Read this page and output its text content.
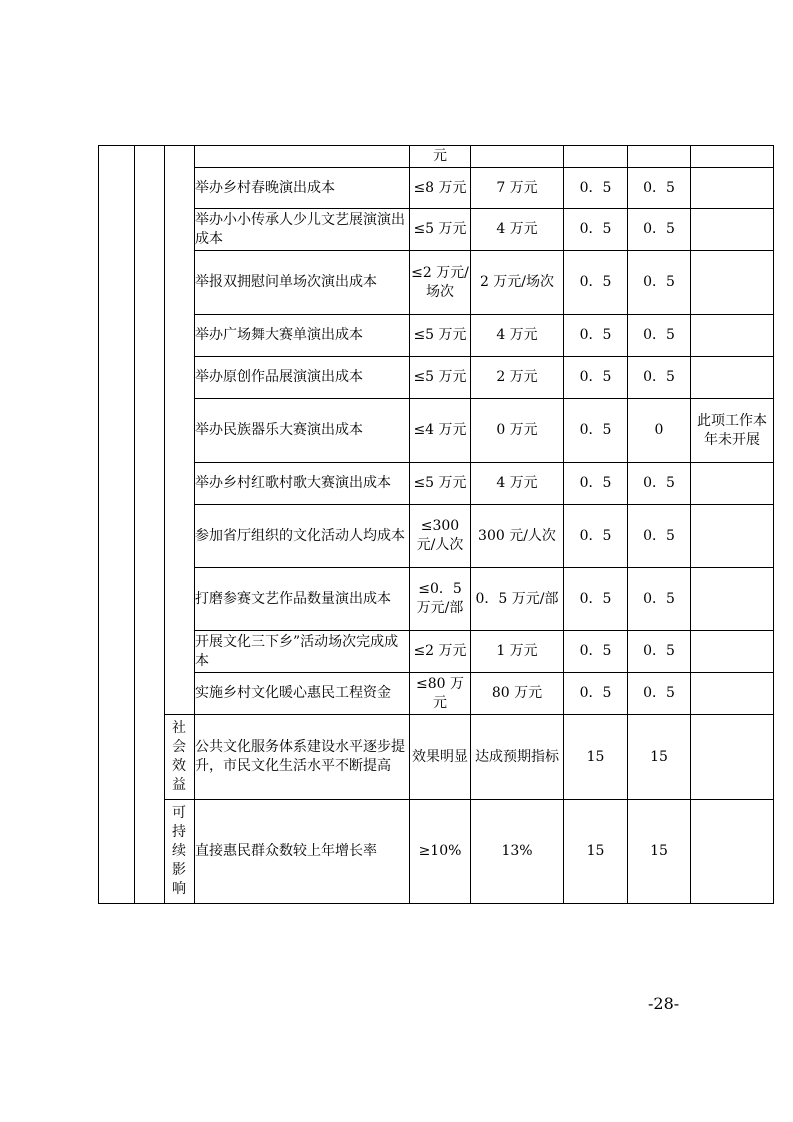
				元				
			举办乡村春晚演出成本	≤8 万元	7 万元	0．5	0．5	
			举办小小传承人少儿文艺展演演出成本	≤5 万元	4 万元	0．5	0．5	
			举报双拥慰问单场次演出成本	≤2 万元/场次	2 万元/场次	0．5	0．5	
			举办广场舞大赛单演出成本	≤5 万元	4 万元	0．5	0．5	
			举办原创作品展演演出成本	≤5 万元	2 万元	0．5	0．5	
			举办民族器乐大赛演出成本	≤4 万元	0 万元	0．5	0	此项工作本年未开展
			举办乡村红歌村歌大赛演出成本	≤5 万元	4 万元	0．5	0．5	
			参加省厅组织的文化活动人均成本	≤300 元/人次	300 元/人次	0．5	0．5	
			打磨参赛文艺作品数量演出成本	≤0．5 万元/部	0．5 万元/部	0．5	0．5	
			开展文化三下乡”活动场次完成成本	≤2 万元	1 万元	0．5	0．5	
			实施乡村文化暖心惠民工程资金	≤80 万元	80 万元	0．5	0．5	
		社会效益	公共文化服务体系建设水平逐步提升，市民文化生活水平不断提高	效果明显	达成预期指标	15	15	
		可持续影响	直接惠民群众数较上年增长率	≥10%	13%	15	15	
-28-
